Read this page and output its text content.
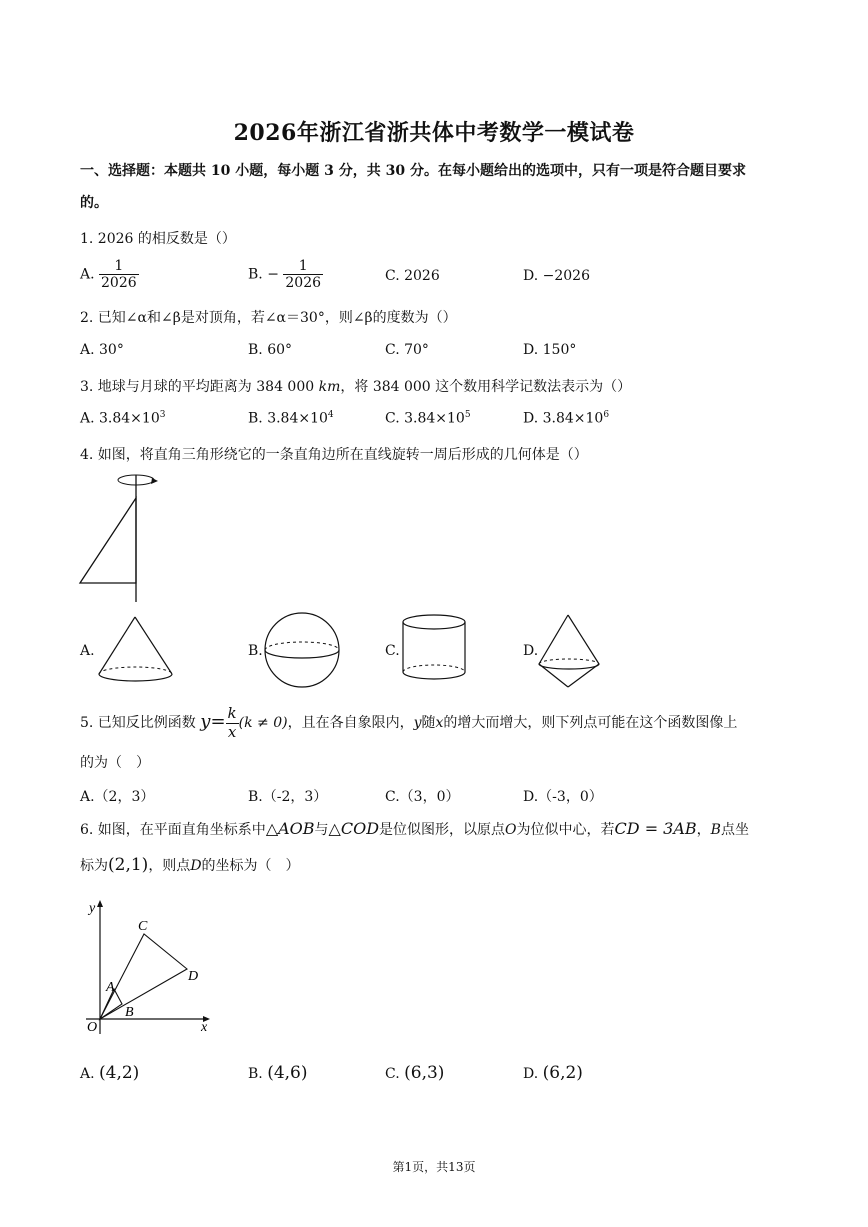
2026年浙江省浙共体中考数学一模试卷
一、选择题：本题共 10 小题，每小题 3 分，共 30 分。在每小题给出的选项中，只有一项是符合题目要求
的。
1. 2026 的相反数是（）
A. $\frac{1}{2026}$	B. − $\frac{1}{2026}$	C. 2026	D. −2026
2. 已知∠α和∠β是对顶角，若∠α＝30°，则∠β的度数为（）
A. 30°	B. 60°	C. 70°	D. 150°
3. 地球与月球的平均距离为 384 000 km，将 384 000 这个数用科学记数法表示为（）
A. $3.84\times 10^3$	B. $3.84\times 10^4$	C. $3.84\times 10^5$	D. $3.84\times 10^6$
4. 如图，将直角三角形绕它的一条直角边所在直线旋转一周后形成的几何体是（）
A.	B.	C.	D.
5. 已知反比例函数 $y= \frac{k}{x} (k \ne 0)$，且在各自象限内，y随x的增大而增大，则下列点可能在这个函数图像上
的为（　）
A.（2，3）	B.（-2，3）	C.（3，0）	D.（-3，0）
6. 如图，在平面直角坐标系中△AOB与△COD是位似图形，以原点O为位似中心，若CD = 3AB，B点坐
标为(2,1)，则点D的坐标为（　）
y
x
O
A
B
C
D
A. (4,2)	B. (4,6)	C. (6,3)	D. (6,2)
第1页，共13页
